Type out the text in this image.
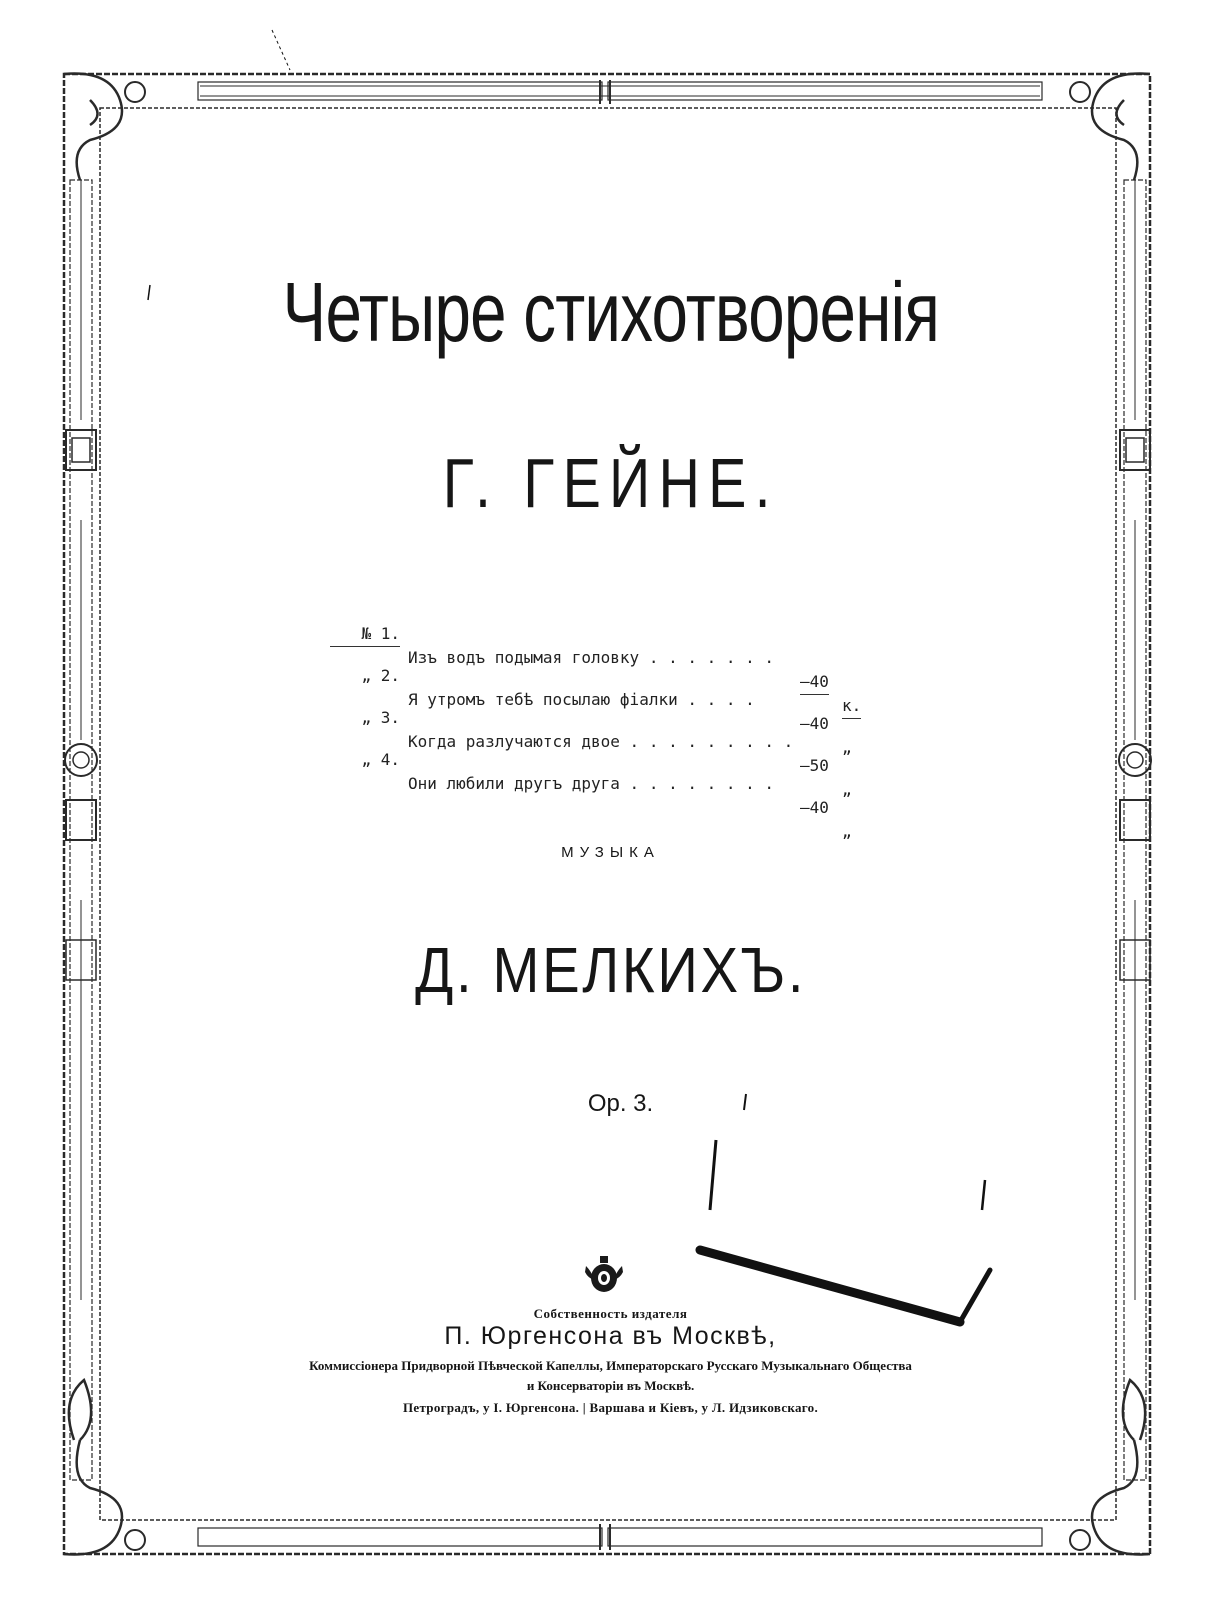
Четыре стихотворенія
Г. ГЕЙНЕ.

№ 1.

Изъ водъ подымая головку . . . . . . .

—40

к.

„ 2.

Я утромъ тебѣ посылаю фіалки . . . .

—40

„

„ 3.

Когда разлучаются двое . . . . . . . . .

—50

„

„ 4.

Они любили другъ друга . . . . . . . .

—40

„

МУЗЫКА
Д. МЕЛКИХЪ.
Op. 3.
Собственность издателя
П. Юргенсона въ Москвѣ,
Коммиссіонера Придворной Пѣвческой Капеллы, Императорскаго Русскаго Музыкальнаго Общества
и Консерваторіи въ Москвѣ.
Петроградъ, у І. Юргенсона. | Варшава и Кіевъ, у Л. Идзиковскаго.
